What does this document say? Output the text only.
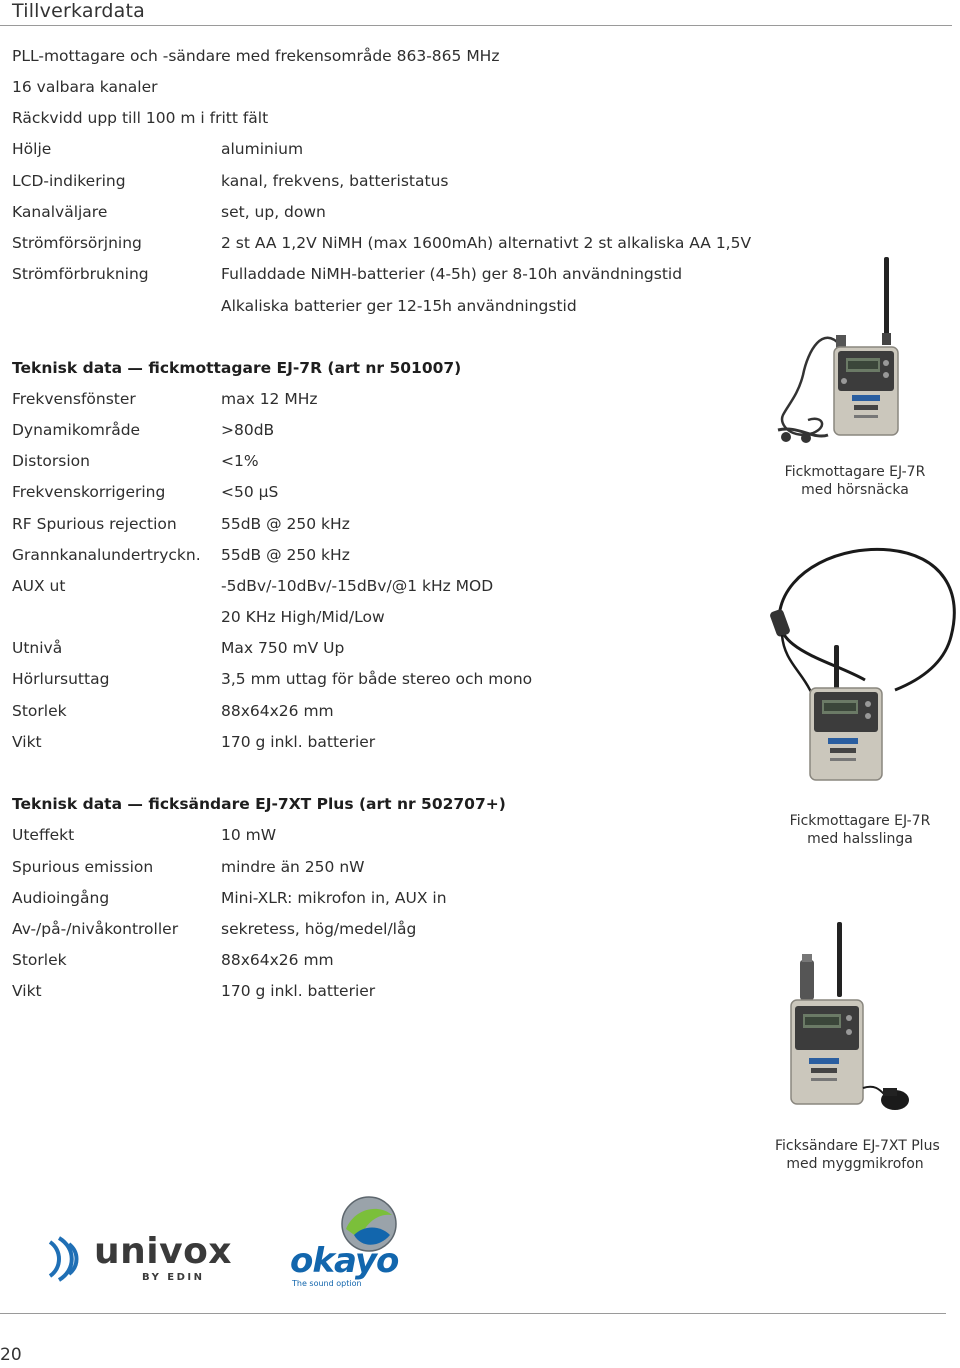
Tillverkardata
PLL-mottagare och -sändare med frekensområde 863-865 MHz
16 valbara kanaler
Räckvidd upp till 100 m i fritt fält
Hölje	aluminium
LCD-indikering	kanal, frekvens, batteristatus
Kanalväljare	set, up, down
Strömförsörjning	2 st AA 1,2V NiMH (max 1600mAh) alternativt 2 st alkaliska AA 1,5V
Strömförbrukning	Fulladdade NiMH-batterier (4-5h) ger 8-10h användningstid
Alkaliska batterier ger 12-15h användningstid
Teknisk data — fickmottagare EJ-7R (art nr 501007)
Frekvensfönster	max 12 MHz
Dynamikområde	>80dB
Distorsion	<1%
Frekvenskorrigering	<50 µS
RF Spurious rejection	55dB @ 250 kHz
Grannkanalundertryckn. 55dB @ 250 kHz
AUX ut	-5dBv/-10dBv/-15dBv/@1 kHz MOD
20 KHz High/Mid/Low
Utnivå	Max 750 mV Up
Hörlursuttag	3,5 mm uttag för både stereo och mono
Storlek	88x64x26 mm
Vikt	170 g inkl. batterier
Teknisk data — ficksändare EJ-7XT Plus (art nr 502707+)
Uteffekt	10 mW
Spurious emission	mindre än 250 nW
Audioingång	Mini-XLR: mikrofon in, AUX in
Av-/på-/nivåkontroller	sekretess, hög/medel/låg
Storlek	88x64x26 mm
Vikt	170 g inkl. batterier
Fickmottagare EJ-7R
med hörsnäcka
Fickmottagare EJ-7R
med halsslinga
Ficksändare EJ-7XT Plus
med myggmikrofon
univox
BY EDIN	okayo
The sound option
20
